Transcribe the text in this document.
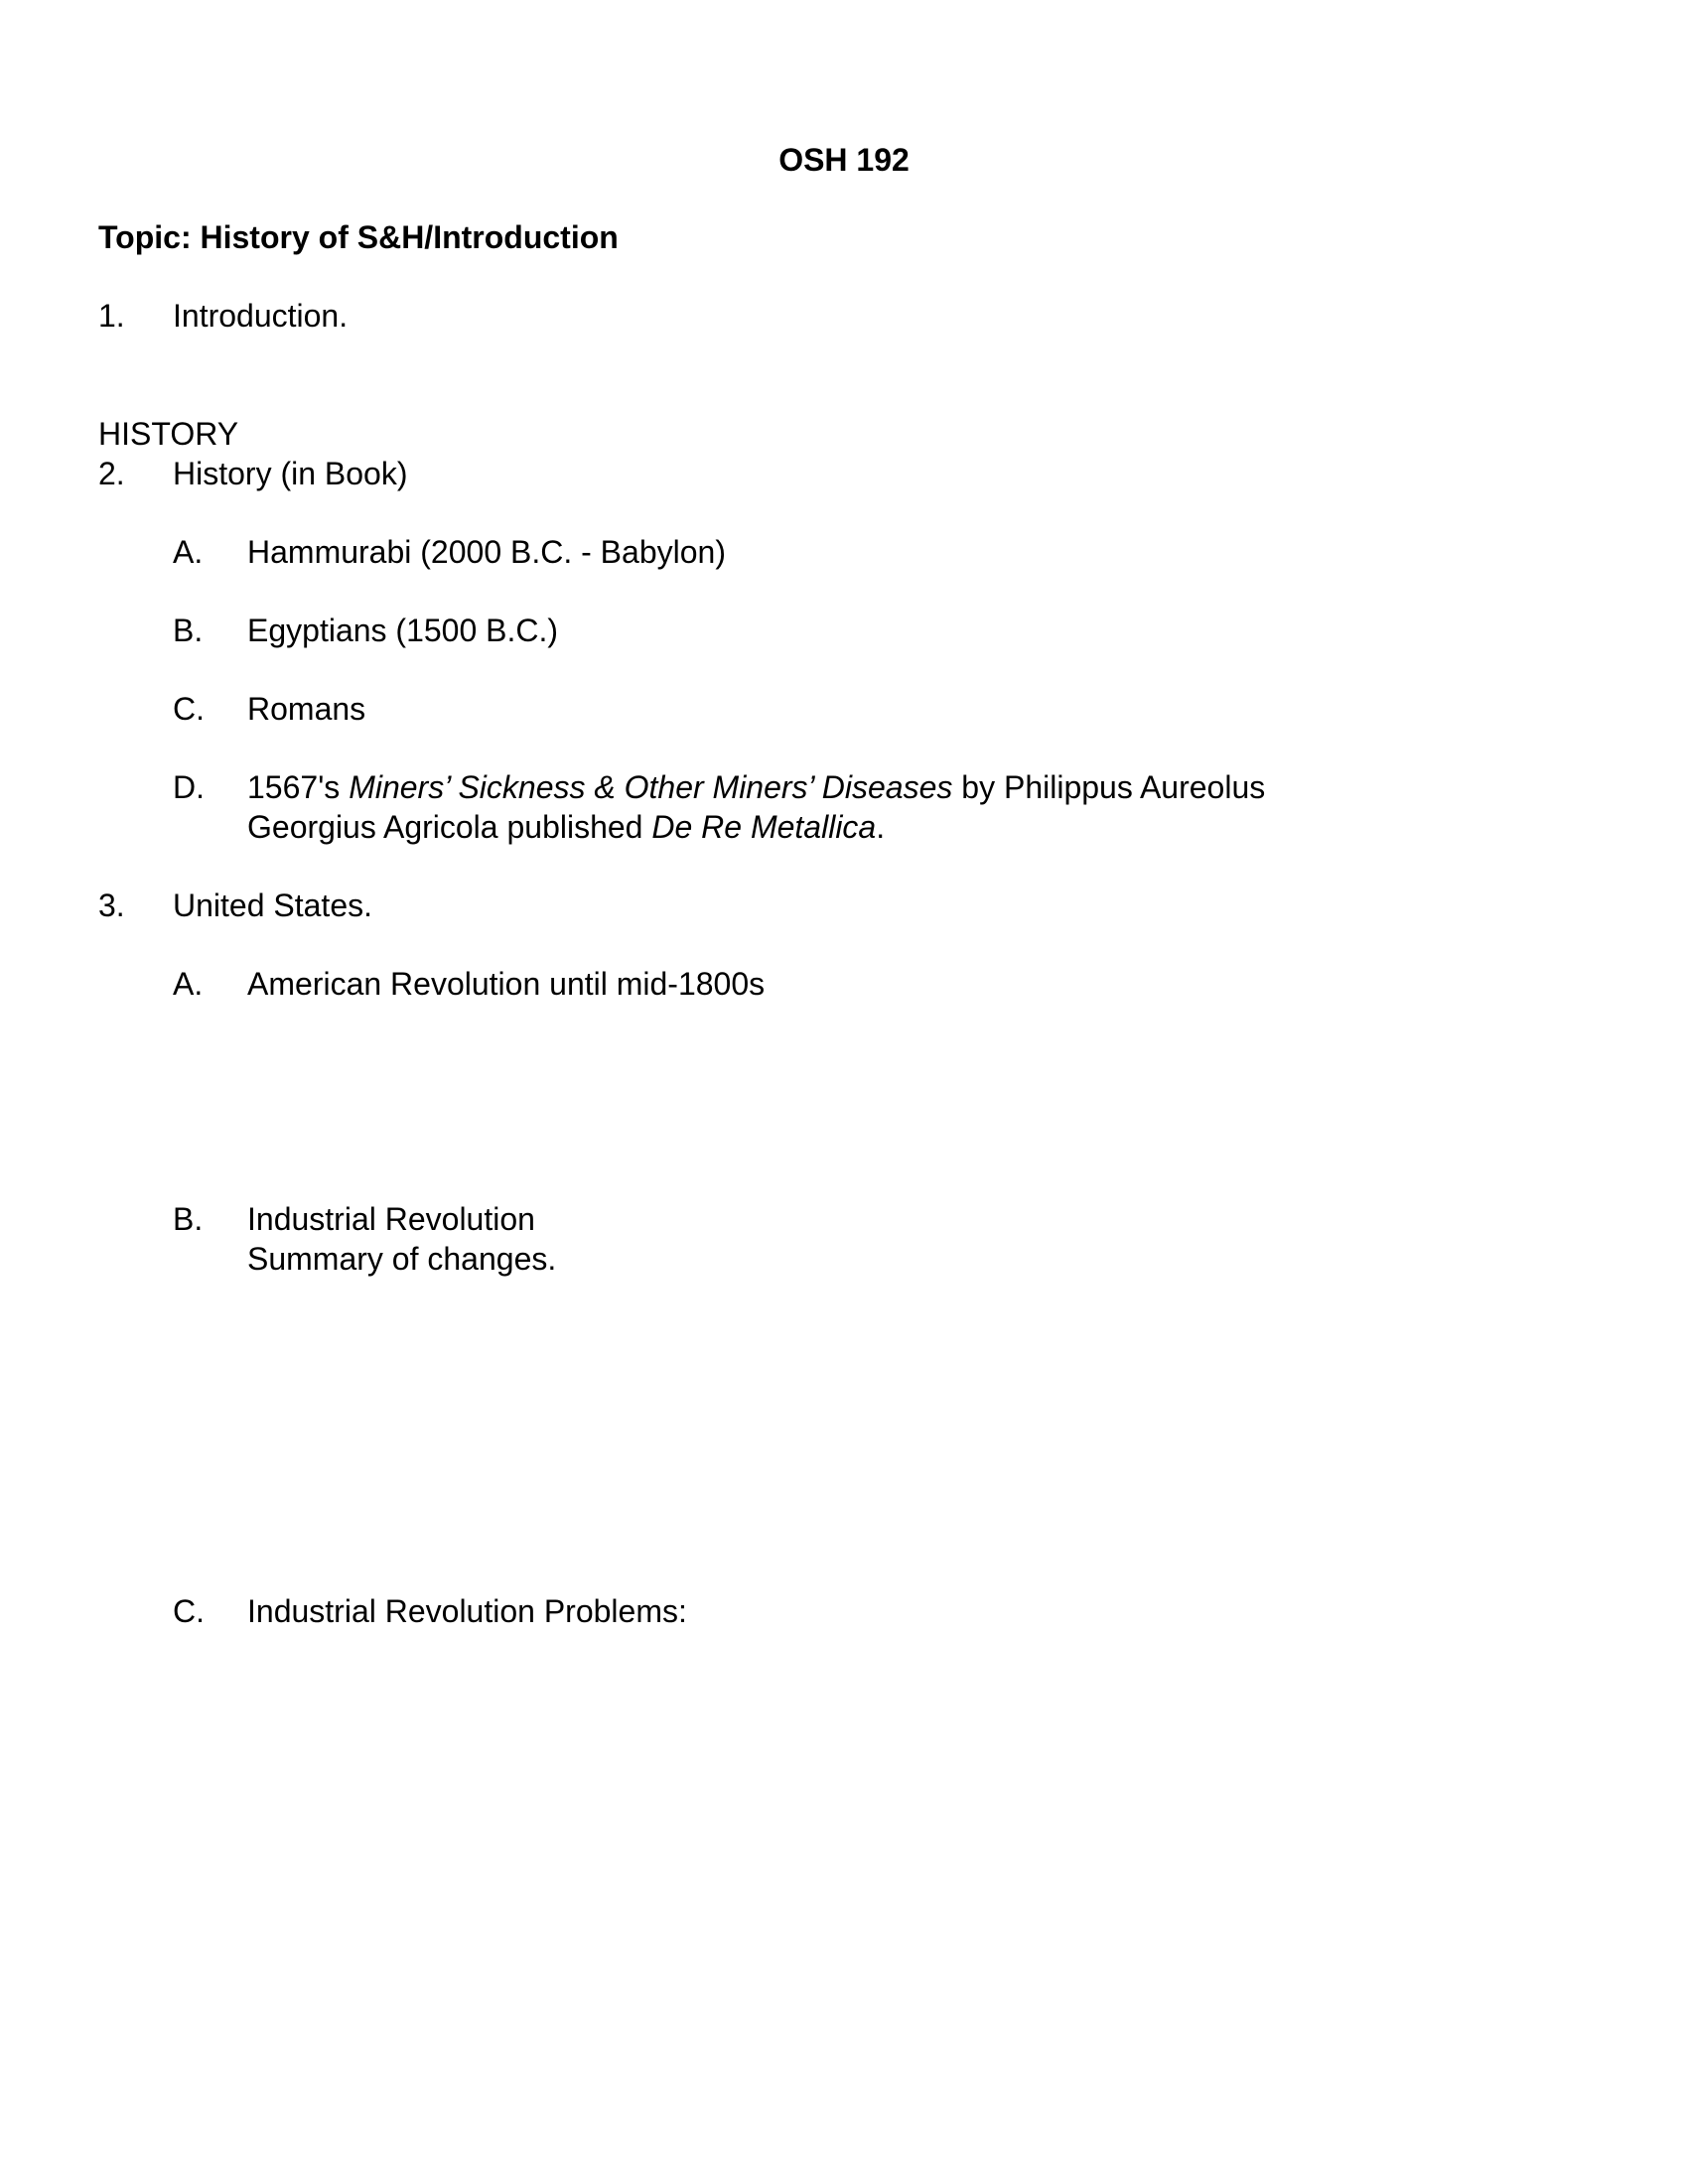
OSH 192
Topic: History of S&H/Introduction
1. Introduction.
HISTORY
2. History (in Book)
A. Hammurabi (2000 B.C. - Babylon)
B. Egyptians (1500 B.C.)
C. Romans
D. 1567's Miners’ Sickness & Other Miners’ Diseases by Philippus Aureolus
Georgius Agricola published De Re Metallica.
3. United States.
A. American Revolution until mid-1800s
B. Industrial Revolution
Summary of changes.
C. Industrial Revolution Problems:
